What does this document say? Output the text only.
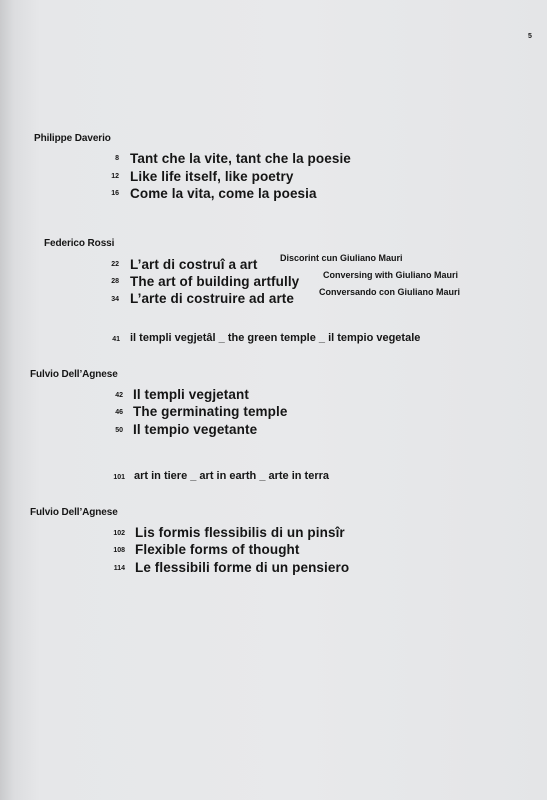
5
Philippe Daverio
8 Tant che la vite, tant che la poesie
12 Like life itself, like poetry
16 Come la vita, come la poesia
Federico Rossi
22 L’art di costruî a art	Discorint cun Giuliano Mauri
28 The art of building artfully	Conversing with Giuliano Mauri
34 L’arte di costruire ad arte	Conversando con Giuliano Mauri
41 il templi vegjetâl _ the green temple _ il tempio vegetale
Fulvio Dell’Agnese
42 Il templi vegjetant
46 The germinating temple
50 Il tempio vegetante
101 art in tiere _ art in earth _ arte in terra
Fulvio Dell’Agnese
102 Lis formis flessibilis di un pinsîr
108 Flexible forms of thought
114 Le flessibili forme di un pensiero
